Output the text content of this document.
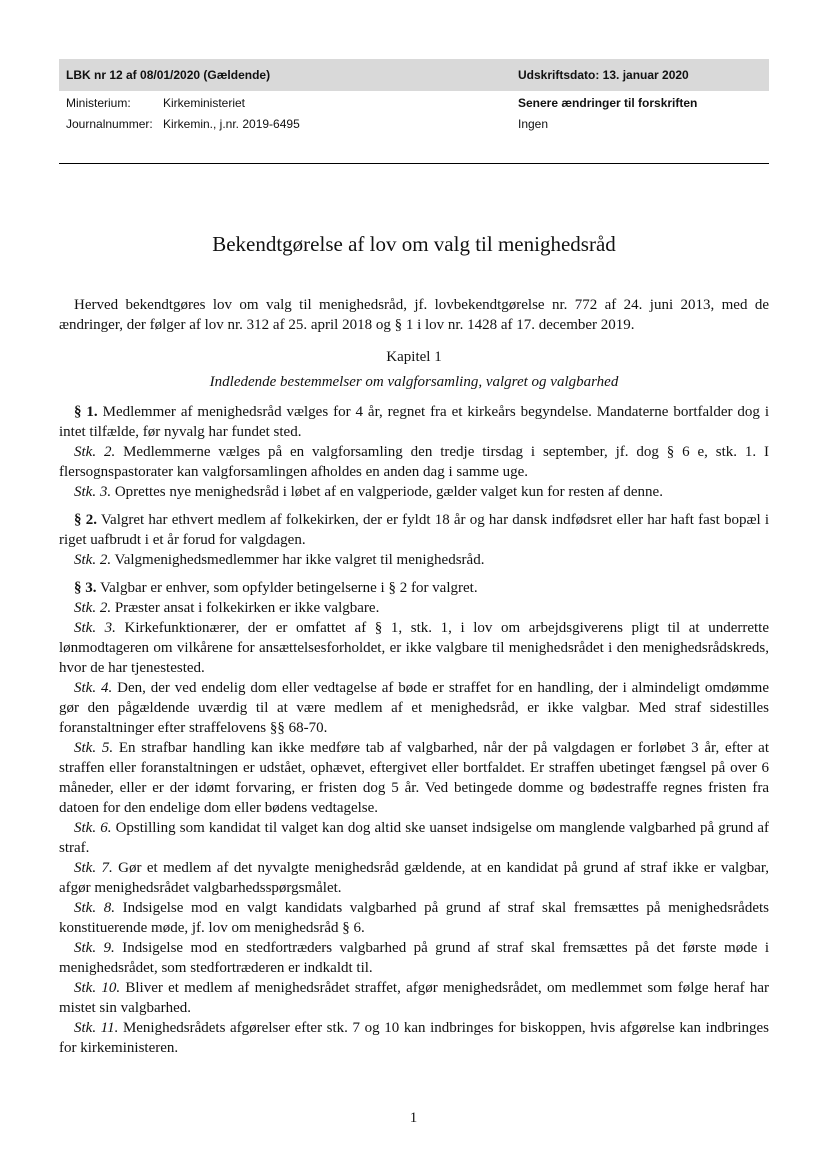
LBK nr 12 af 08/01/2020 (Gældende)	Udskriftsdato: 13. januar 2020
Ministerium:	Kirkeministeriet
Journalnummer: Kirkemin., j.nr. 2019-6495
Senere ændringer til forskriften
Ingen
Bekendtgørelse af lov om valg til menighedsråd

Herved bekendtgøres lov om valg til menighedsråd, jf. lovbekendtgørelse nr. 772 af 24. juni 2013, med de ændringer, der følger af lov nr. 312 af 25. april 2018 og § 1 i lov nr. 1428 af 17. december 2019.

Kapitel 1
Indledende bestemmelser om valgforsamling, valgret og valgbarhed

§ 1. Medlemmer af menighedsråd vælges for 4 år, regnet fra et kirkeårs begyndelse. Mandaterne bortfalder dog i intet tilfælde, før nyvalg har fundet sted.

Stk. 2. Medlemmerne vælges på en valgforsamling den tredje tirsdag i september, jf. dog § 6 e, stk. 1. I flersognspastorater kan valgforsamlingen afholdes en anden dag i samme uge.

Stk. 3. Oprettes nye menighedsråd i løbet af en valgperiode, gælder valget kun for resten af denne.

§ 2. Valgret har ethvert medlem af folkekirken, der er fyldt 18 år og har dansk indfødsret eller har haft fast bopæl i riget uafbrudt i et år forud for valgdagen.

Stk. 2. Valgmenighedsmedlemmer har ikke valgret til menighedsråd.

§ 3. Valgbar er enhver, som opfylder betingelserne i § 2 for valgret.

Stk. 2. Præster ansat i folkekirken er ikke valgbare.

Stk. 3. Kirkefunktionærer, der er omfattet af § 1, stk. 1, i lov om arbejdsgiverens pligt til at underrette lønmodtageren om vilkårene for ansættelsesforholdet, er ikke valgbare til menighedsrådet i den menighedsrådskreds, hvor de har tjenestested.

Stk. 4. Den, der ved endelig dom eller vedtagelse af bøde er straffet for en handling, der i almindeligt omdømme gør den pågældende uværdig til at være medlem af et menighedsråd, er ikke valgbar. Med straf sidestilles foranstaltninger efter straffelovens §§ 68-70.

Stk. 5. En strafbar handling kan ikke medføre tab af valgbarhed, når der på valgdagen er forløbet 3 år, efter at straffen eller foranstaltningen er udstået, ophævet, eftergivet eller bortfaldet. Er straffen ubetinget fængsel på over 6 måneder, eller er der idømt forvaring, er fristen dog 5 år. Ved betingede domme og bødestraffe regnes fristen fra datoen for den endelige dom eller bødens vedtagelse.

Stk. 6. Opstilling som kandidat til valget kan dog altid ske uanset indsigelse om manglende valgbarhed på grund af straf.

Stk. 7. Gør et medlem af det nyvalgte menighedsråd gældende, at en kandidat på grund af straf ikke er valgbar, afgør menighedsrådet valgbarhedsspørgsmålet.

Stk. 8. Indsigelse mod en valgt kandidats valgbarhed på grund af straf skal fremsættes på menighedsrådets konstituerende møde, jf. lov om menighedsråd § 6.

Stk. 9. Indsigelse mod en stedfortræders valgbarhed på grund af straf skal fremsættes på det første møde i menighedsrådet, som stedfortræderen er indkaldt til.

Stk. 10. Bliver et medlem af menighedsrådet straffet, afgør menighedsrådet, om medlemmet som følge heraf har mistet sin valgbarhed.

Stk. 11. Menighedsrådets afgørelser efter stk. 7 og 10 kan indbringes for biskoppen, hvis afgørelse kan indbringes for kirkeministeren.

1
